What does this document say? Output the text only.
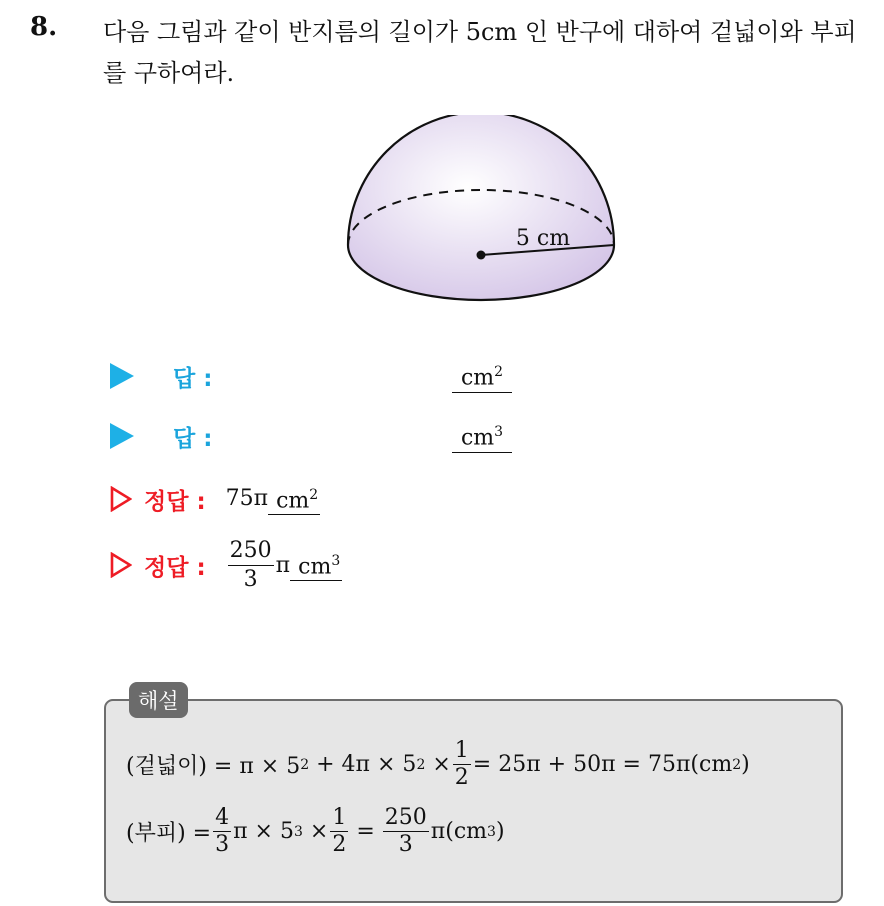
8. 다음 그림과 같이 반지름의 길이가 5cm 인 반구에 대하여 겉넓이와 부피를 구하여라.
5 cm
답 :	$cm^2$
답 :	$cm^3$
정답 : 75π $cm^2$
정답 : $\frac{250}{3}$ π $cm^3$
해설
(겉넓이) = π × 5 2 + 4π × 5 $2 \times \frac{1}{2} = 25\pi + 50\pi = 75\pi(cm$ 2 )
(부피) = $\frac{4}{3}$ π × 5 $3 \times \frac{1}{2} = \frac{250}{3} \pi(cm$ 3 )
